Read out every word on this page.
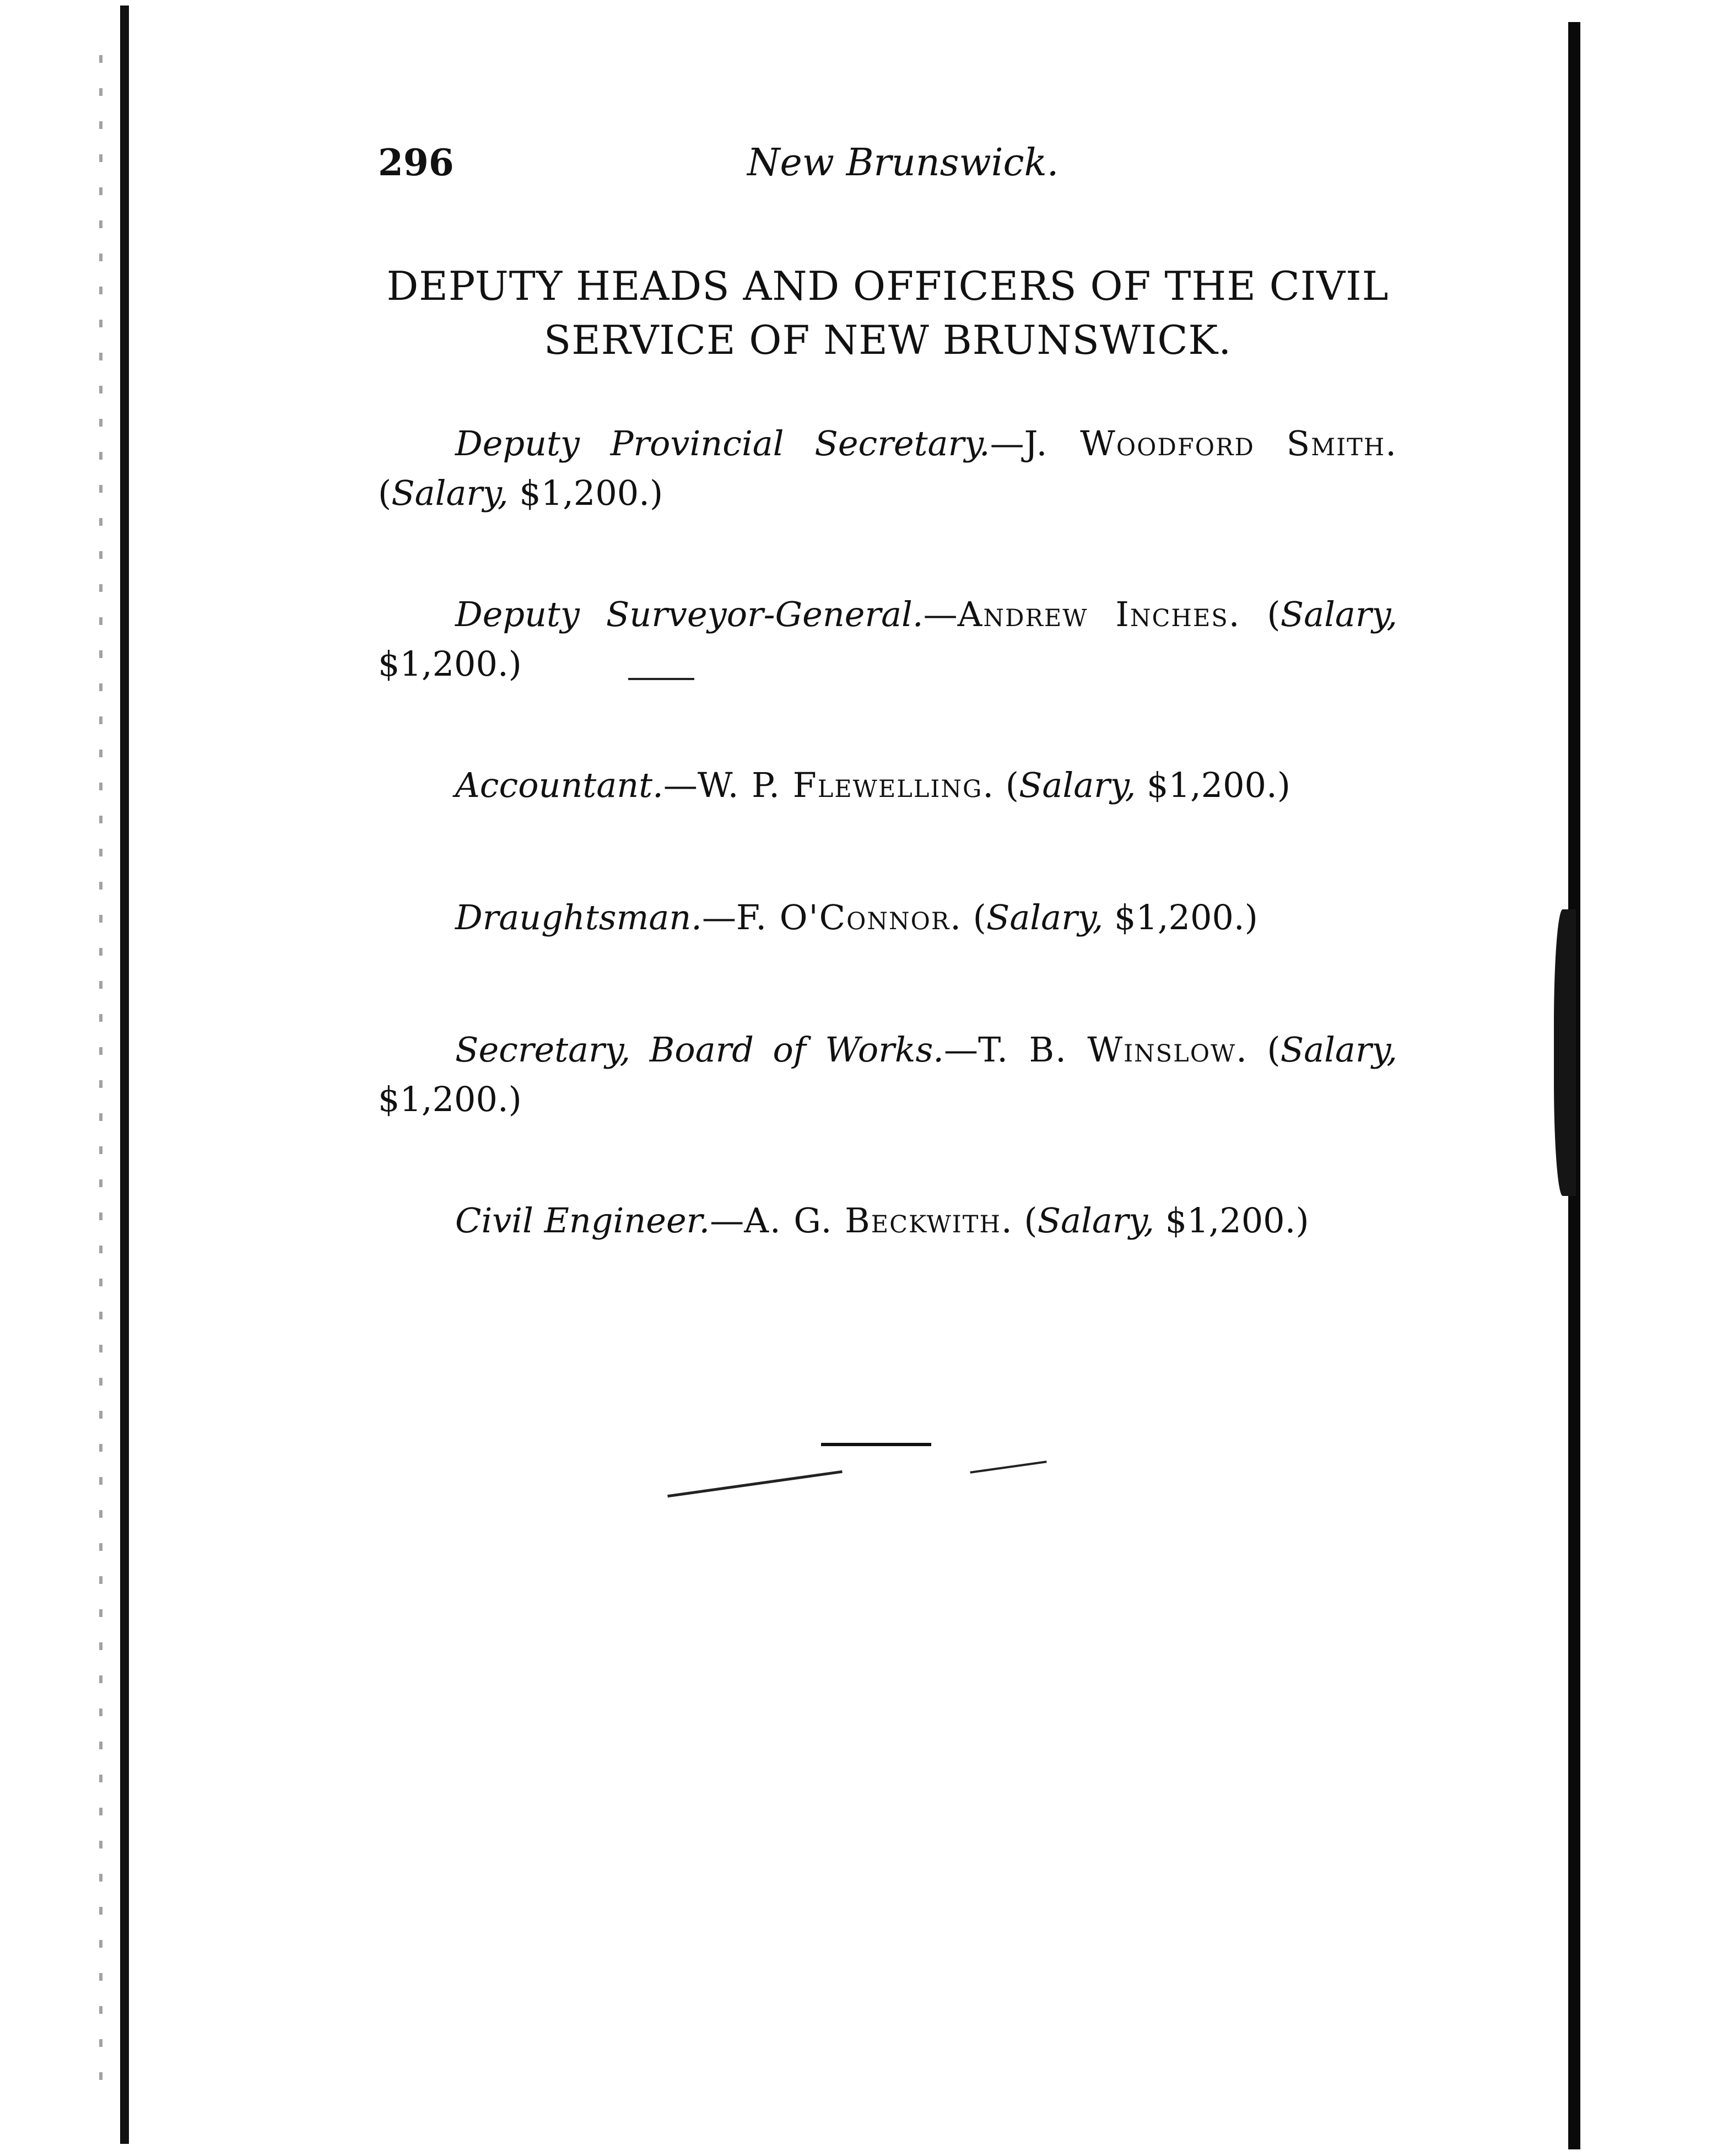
296	New Brunswick.
DEPUTY HEADS AND OFFICERS OF THE CIVIL
SERVICE OF NEW BRUNSWICK.

Deputy Provincial Secretary.—J. Woodford Smith. (Salary, $1,200.)

Deputy Surveyor-General.—Andrew Inches. (Salary, $1,200.)

Accountant.—W. P. Flewelling. (Salary, $1,200.)

Draughtsman.—F. O'Connor. (Salary, $1,200.)

Secretary, Board of Works.—T. B. Winslow. (Salary, $1,200.)

Civil Engineer.—A. G. Beckwith. (Salary, $1,200.)
